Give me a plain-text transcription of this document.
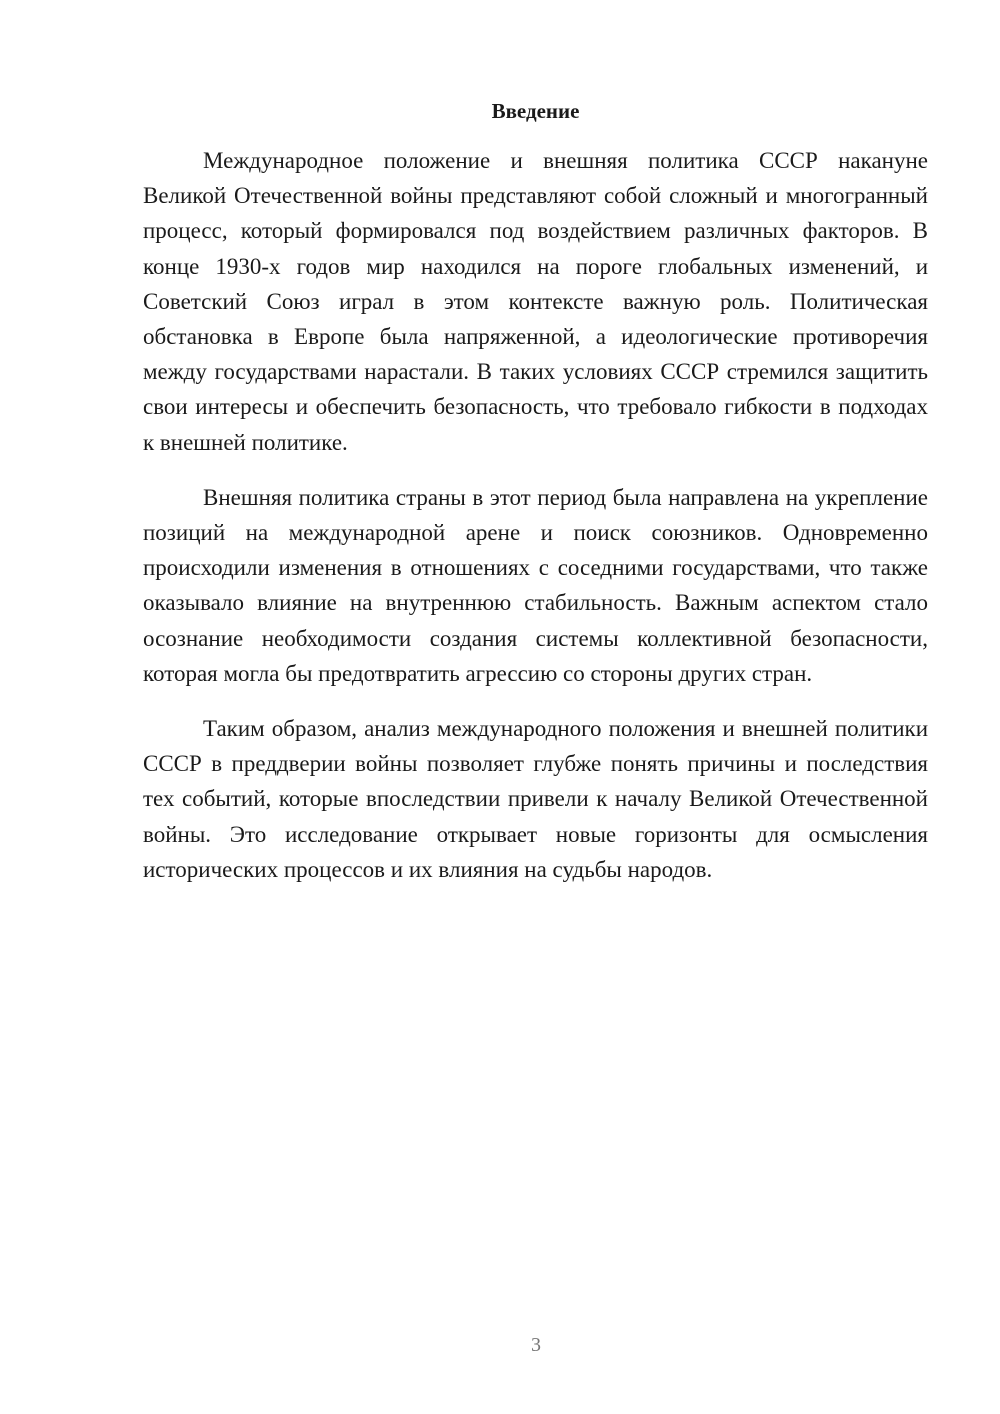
Введение

Международное положение и внешняя политика СССР накануне Великой Отечественной войны представляют собой сложный и многогранный процесс, который формировался под воздействием различных факторов. В конце 1930-х годов мир находился на пороге глобальных изменений, и Советский Союз играл в этом контексте важную роль. Политическая обстановка в Европе была напряженной, а идеологические противоречия между государствами нарастали. В таких условиях СССР стремился защитить свои интересы и обеспечить безопасность, что требовало гибкости в подходах к внешней политике.

Внешняя политика страны в этот период была направлена на укрепление позиций на международной арене и поиск союзников. Одновременно происходили изменения в отношениях с соседними государствами, что также оказывало влияние на внутреннюю стабильность. Важным аспектом стало осознание необходимости создания системы коллективной безопасности, которая могла бы предотвратить агрессию со стороны других стран.

Таким образом, анализ международного положения и внешней политики СССР в преддверии войны позволяет глубже понять причины и последствия тех событий, которые впоследствии привели к началу Великой Отечественной войны. Это исследование открывает новые горизонты для осмысления исторических процессов и их влияния на судьбы народов.

3
